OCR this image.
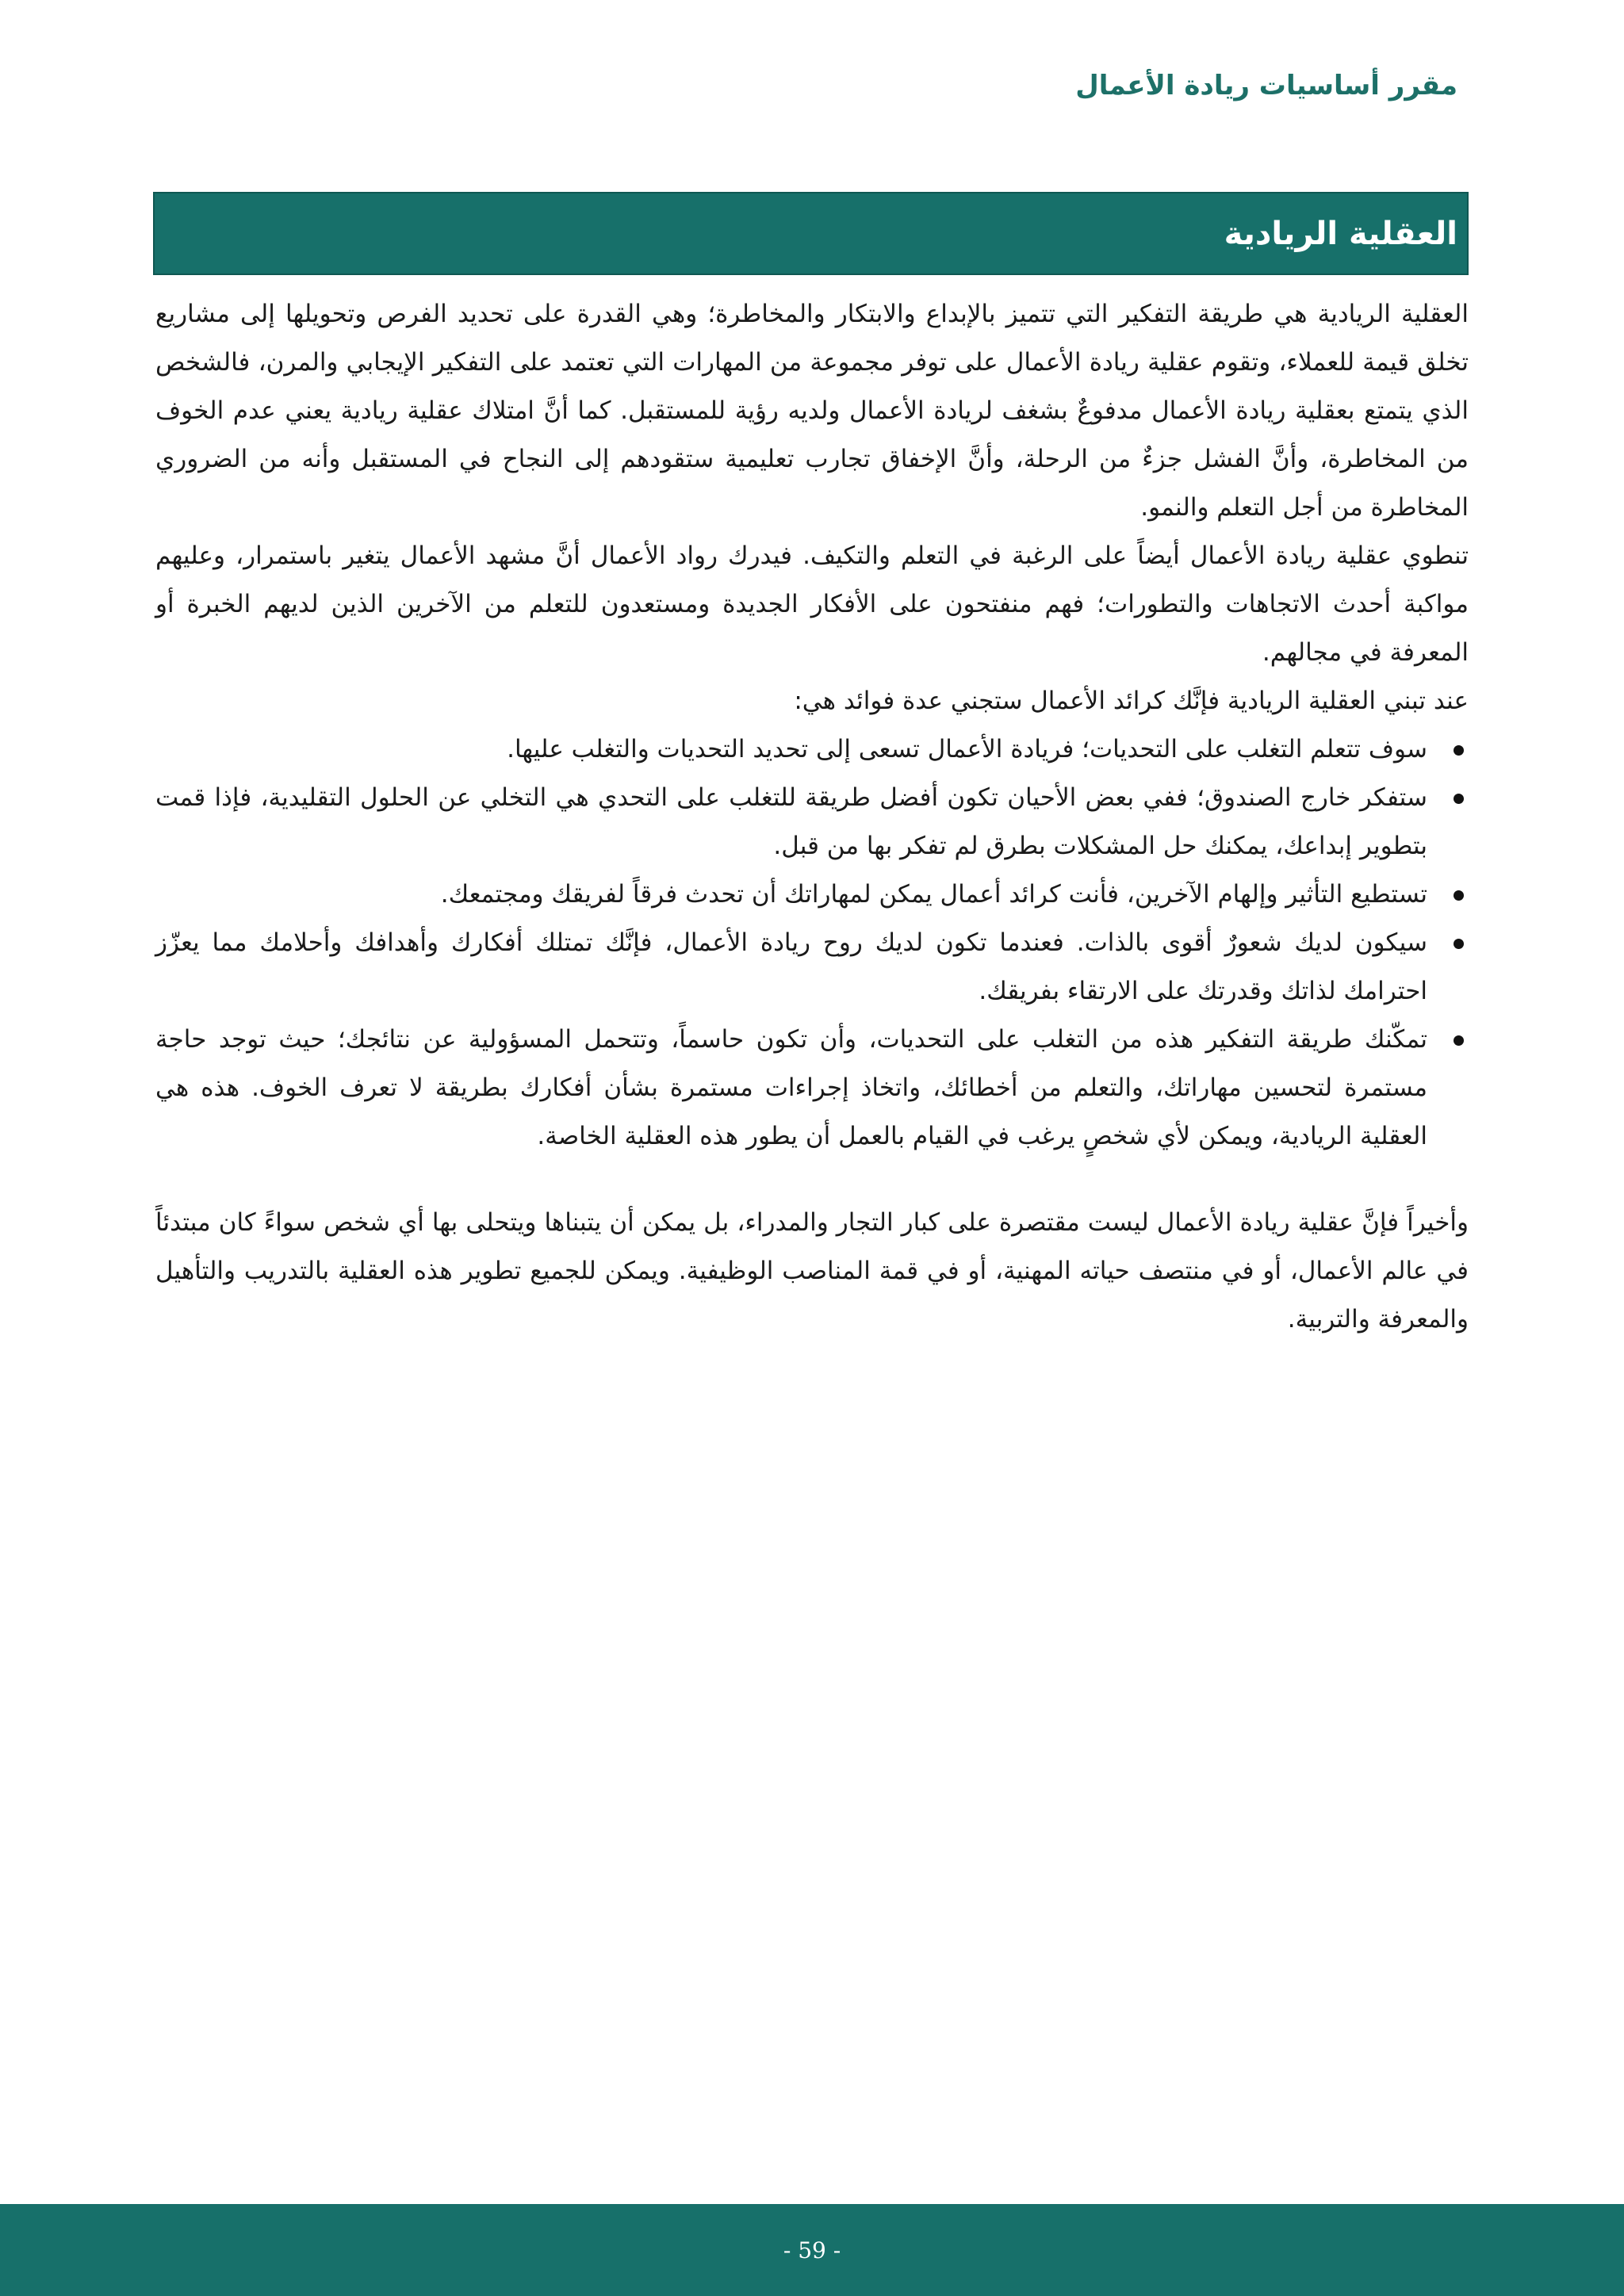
مقرر أساسيات ريادة الأعمال
العقلية الريادية

العقلية الريادية هي طريقة التفكير التي تتميز بالإبداع والابتكار والمخاطرة؛ وهي القدرة على تحديد الفرص وتحويلها إلى مشاريع تخلق قيمة للعملاء، وتقوم عقلية ريادة الأعمال على توفر مجموعة من المهارات التي تعتمد على التفكير الإيجابي والمرن، فالشخص الذي يتمتع بعقلية ريادة الأعمال مدفوعٌ بشغف لريادة الأعمال ولديه رؤية للمستقبل. كما أنَّ امتلاك عقلية ريادية يعني عدم الخوف من المخاطرة، وأنَّ الفشل جزءٌ من الرحلة، وأنَّ الإخفاق تجارب تعليمية ستقودهم إلى النجاح في المستقبل وأنه من الضروري المخاطرة من أجل التعلم والنمو.

تنطوي عقلية ريادة الأعمال أيضاً على الرغبة في التعلم والتكيف. فيدرك رواد الأعمال أنَّ مشهد الأعمال يتغير باستمرار، وعليهم مواكبة أحدث الاتجاهات والتطورات؛ فهم منفتحون على الأفكار الجديدة ومستعدون للتعلم من الآخرين الذين لديهم الخبرة أو المعرفة في مجالهم.

عند تبني العقلية الريادية فإنَّك كرائد الأعمال ستجني عدة فوائد هي:

سوف تتعلم التغلب على التحديات؛ فريادة الأعمال تسعى إلى تحديد التحديات والتغلب عليها.
ستفكر خارج الصندوق؛ ففي بعض الأحيان تكون أفضل طريقة للتغلب على التحدي هي التخلي عن الحلول التقليدية، فإذا قمت بتطوير إبداعك، يمكنك حل المشكلات بطرق لم تفكر بها من قبل.
تستطيع التأثير وإلهام الآخرين، فأنت كرائد أعمال يمكن لمهاراتك أن تحدث فرقاً لفريقك ومجتمعك.
سيكون لديك شعورٌ أقوى بالذات. فعندما تكون لديك روح ريادة الأعمال، فإنَّك تمتلك أفكارك وأهدافك وأحلامك مما يعزّز احترامك لذاتك وقدرتك على الارتقاء بفريقك.
تمكّنك طريقة التفكير هذه من التغلب على التحديات، وأن تكون حاسماً، وتتحمل المسؤولية عن نتائجك؛ حيث توجد حاجة مستمرة لتحسين مهاراتك، والتعلم من أخطائك، واتخاذ إجراءات مستمرة بشأن أفكارك بطريقة لا تعرف الخوف. هذه هي العقلية الريادية، ويمكن لأي شخصٍ يرغب في القيام بالعمل أن يطور هذه العقلية الخاصة.

وأخيراً فإنَّ عقلية ريادة الأعمال ليست مقتصرة على كبار التجار والمدراء، بل يمكن أن يتبناها ويتحلى بها أي شخص سواءً كان مبتدئاً في عالم الأعمال، أو في منتصف حياته المهنية، أو في قمة المناصب الوظيفية. ويمكن للجميع تطوير هذه العقلية بالتدريب والتأهيل والمعرفة والتربية.

- 59 -
